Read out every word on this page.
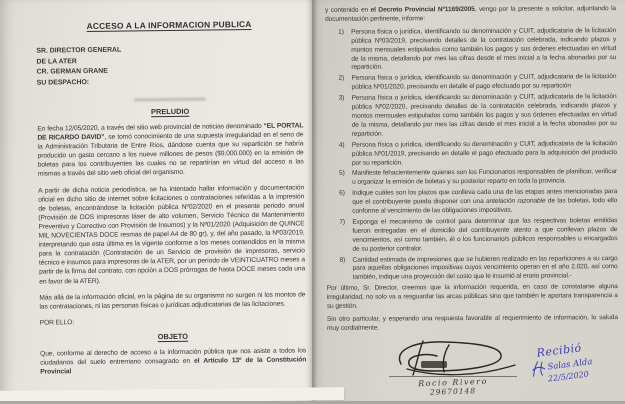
ACCESO A LA INFORMACION PUBLICA
SR. DIRECTOR GENERAL
DE LA ATER
CR. GERMAN GRANE
SU DESPACHO:
PRELUDIO

En fecha 12/05/2020, a través del sitio web provincial de noticias denominado “EL PORTAL DE RICARDO DAVID”, se tomó conocimiento de una supuesta irregularidad en el seno de la Administración Tributaria de Entre Ríos, dándose cuenta que su repartición se habría producido un gasto cercano a los nueve millones de pesos ($9.000.000) en la emisión de boletas para los contribuyentes las cuales no se repartirían en virtud del acceso a las mismas a través del sitio web oficial del organismo.

A partir de dicha noticia periodística, se ha intentado hallar información y documentación oficial en dicho sitio de internet sobre licitaciones o contrataciones referidas a la impresión de boletas, encontrándose la licitación pública Nº02/2020 en el presente periodo anual (Provisión de DOS impresoras láser de alto volumen, Servicio Técnico de Mantenimiento Preventivo y Correctivo con Provisión de Insumos) y la Nº01/2020 (Adquisición de QUINCE MIL NOVECIENTAS DOCE resmas de papel A4 de 80 gr), y, del año pasado, la Nº03/2019, interpretando que esta última es la vigente conforme a los meses contendidos en la misma para la contratación (Contratación de un Servicio de provisión de impresoras, servicio técnico e insumos para impresoras de la ATER, por un período de VEINTICUATRO meses a partir de la firma del contrato, con opción a DOS prórrogas de hasta DOCE meses cada una en favor de la ATER).

Más allá de la información oficial, en la página de su organismo no surgen ni los montos de las contrataciones, ni las personas físicas o jurídicas adjudicatarias de las licitaciones.

POR ELLO:

OBJETO

Que, conforme al derecho de acceso a la información pública que nos asiste a todos los ciudadanos del suelo entrerriano consagrado en el Artículo 13º de la Constitución Provincial

y contenido en el Decreto Provincial Nº1169/2005, vengo por la presente a solicitar, adjuntando la documentación pertinente, informe:

1)	Persona física o jurídica, identificando su denominación y CUIT, adjudicataria de la licitación pública Nº03/2019, precisando detalles de la contratación celebrada, indicando plazos y montos mensuales estipulados como también los pagos y sus órdenes efectuadas en virtud de la misma, detallando por mes las cifras desde el mes inicial a la fecha abonadas por su repartición.
2)	Persona física o jurídica, identificando su denominación y CUIT, adjudicataria de la licitación pública Nº01/2020, precisando en detalle el pago efectuado por su repartición
3)	Persona física o jurídica, identificando su denominación y CUIT, adjudicataria de la licitación pública Nº02/2020, precisando detalles de la contratación celebrada, indicando plazos y montos mensuales estipulados como también los pagos y sus órdenes efectuadas en virtud de la misma, detallando por mes las cifras desde el mes inicial a la fecha abonadas por su repartición.
4)	Persona física o jurídica, identificando su denominación y CUIT, adjudicataria de la licitación pública Nº01/2019, precisando en detalle el pago efectuado para la adquisición del producto por su repartición.
5)	Manifieste fehacientemente quienes son los Funcionarios responsables de planificar, verificar u organizar la emisión de boletas y su posterior reparto en toda la provincia.
6)	Indique cuáles son los plazos que conlleva cada una de las etapas antes mencionadas para que el contribuyente pueda disponer con una antelación razonable de las boletas, todo ello conforme al vencimiento de las obligaciones impositivas.
7)	Exponga el mecanismo de control para determinar que las respectivas boletas emitidas fueron entregadas en el domicilio del contribuyente atento a que conllevan plazos de vencimientos, así como también, él o los funcionario/s públicos responsables u encargados de su posterior contralor.
8)	Cantidad estimada de impresiones que se hubieren realizado en las reparticiones a su cargo para aquellas obligaciones impositivas cuyos vencimiento operan en el año 2.020, así como también, indique una proyección del costo que le insumió al erario provincial.-

Por último, Sr. Director, creemos que la información requerida, en caso de constatarse alguna irregularidad, no solo va a resguardar las arcas públicas sino que también le aportara transparencia a su gestión.

Sin otro particular, y esperando una respuesta favorable al requerimiento de información, lo saluda muy cordialmente.

Rocio Rivero
29670148
Recibió
Salas Alda
22/5/2020
